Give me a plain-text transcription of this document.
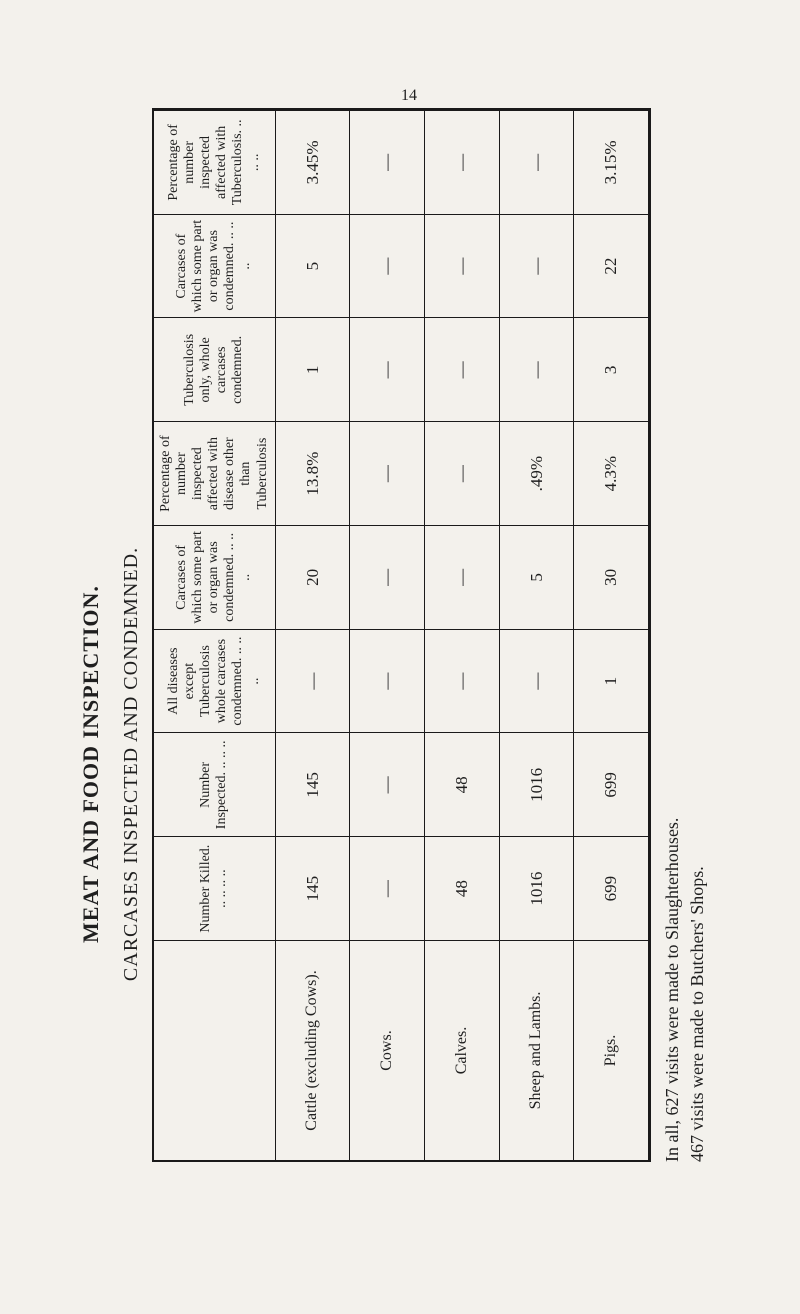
MEAT AND FOOD INSPECTION. CARCASES INSPECTED AND CONDEMNED.	Number Killed. .. .. .. ..
Number Inspected. .. .. ..
All diseases except Tuberculosis whole carcases condemned. .. .. ..
Carcases of which some part or organ was condemned. .. .. ..
Percentage of number inspected affected with disease other than Tuberculosis
Tuberculosis only, whole carcases condemned.
Carcases of which some part or organ was condemned. .. .. ..
Percentage of number inspected affected with Tuberculosis. .. .. ..
Cattle (excluding Cows).
145
145
—
20
13.8%
1
5
3.45%
Cows.
—
—
—
—
—
—
—
—
Calves.
48
48
—
—
—
—
—
—
Sheep and Lambs.
1016
1016
—
5
.49%
—
—
—
Pigs.
699
699
1
30
4.3%
3
22
3.15%
In all, 627 visits were made to Slaughterhouses. 467 visits were made to Butchers' Shops.
14
